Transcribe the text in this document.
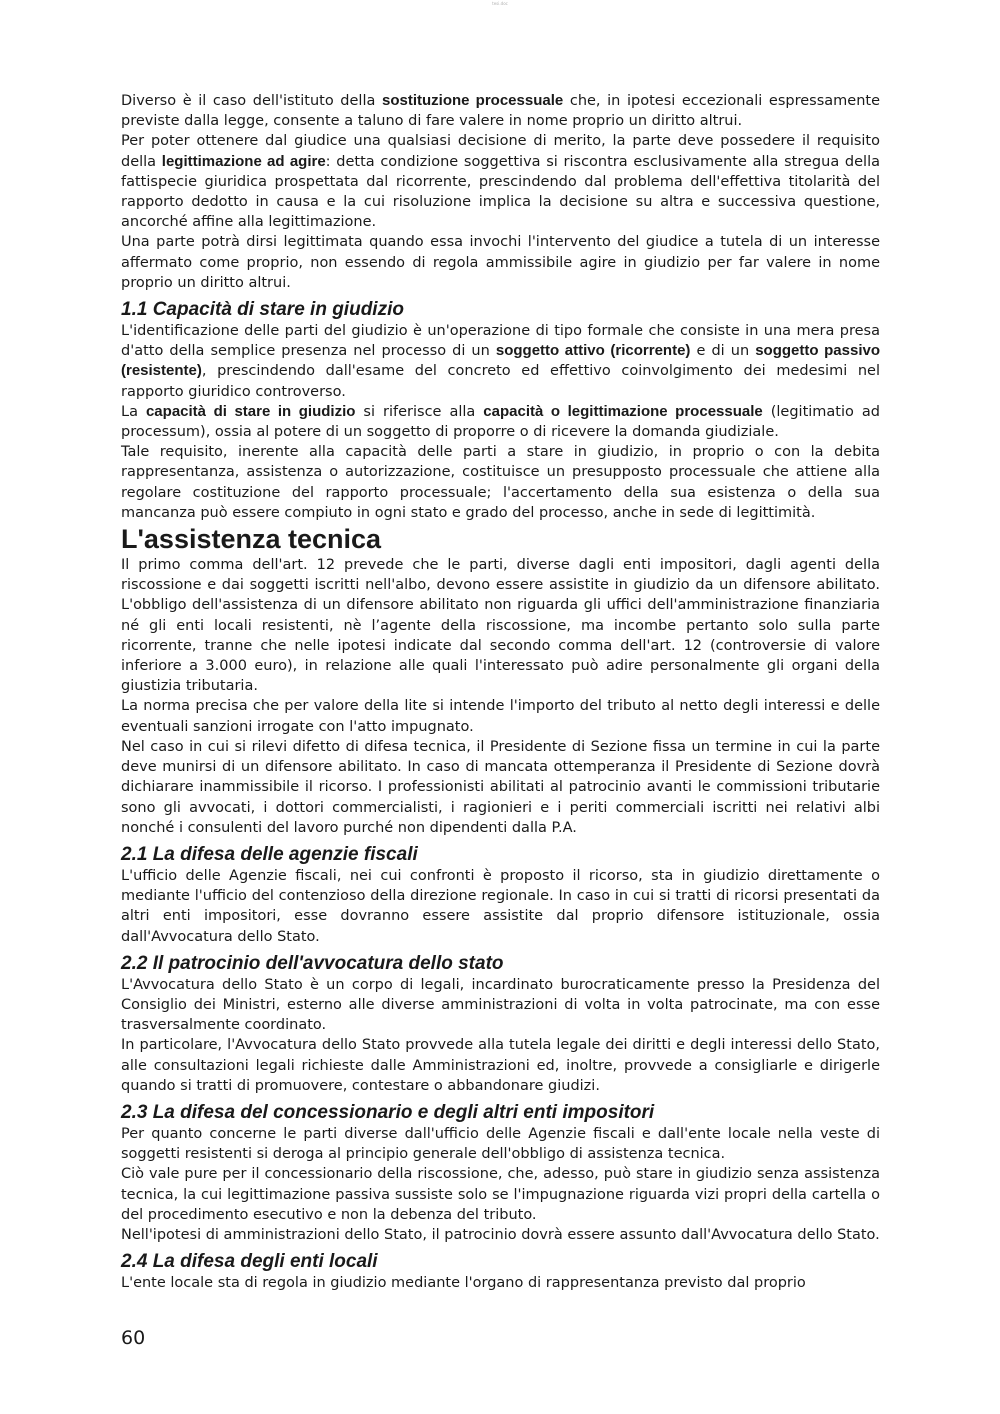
tesi.doc

Diverso è il caso dell'istituto della sostituzione processuale che, in ipotesi eccezionali espressamente previste dalla legge, consente a taluno di fare valere in nome proprio un diritto altrui.

Per poter ottenere dal giudice una qualsiasi decisione di merito, la parte deve possedere il requisito della legittimazione ad agire: detta condizione soggettiva si riscontra esclusivamente alla stregua della fattispecie giuridica prospettata dal ricorrente, prescindendo dal problema dell'effettiva titolarità del rapporto dedotto in causa e la cui risoluzione implica la decisione su altra e successiva questione, ancorché affine alla legittimazione.

Una parte potrà dirsi legittimata quando essa invochi l'intervento del giudice a tutela di un interesse affermato come proprio, non essendo di regola ammissibile agire in giudizio per far valere in nome proprio un diritto altrui.

1.1 Capacità di stare in giudizio

L'identificazione delle parti del giudizio è un'operazione di tipo formale che consiste in una mera presa d'atto della semplice presenza nel processo di un soggetto attivo (ricorrente) e di un soggetto passivo (resistente), prescindendo dall'esame del concreto ed effettivo coinvolgimento dei medesimi nel rapporto giuridico controverso.

La capacità di stare in giudizio si riferisce alla capacità o legittimazione processuale (legitimatio ad processum), ossia al potere di un soggetto di proporre o di ricevere la domanda giudiziale.

Tale requisito, inerente alla capacità delle parti a stare in giudizio, in proprio o con la debita rappresentanza, assistenza o autorizzazione, costituisce un presupposto processuale che attiene alla regolare costituzione del rapporto processuale; l'accertamento della sua esistenza o della sua mancanza può essere compiuto in ogni stato e grado del processo, anche in sede di legittimità.

L'assistenza tecnica

Il primo comma dell'art. 12 prevede che le parti, diverse dagli enti impositori, dagli agenti della riscossione e dai soggetti iscritti nell'albo, devono essere assistite in giudizio da un difensore abilitato. L'obbligo dell'assistenza di un difensore abilitato non riguarda gli uffici dell'amministrazione finanziaria né gli enti locali resistenti, nè l’agente della riscossione, ma incombe pertanto solo sulla parte ricorrente, tranne che nelle ipotesi indicate dal secondo comma dell'art. 12 (controversie di valore inferiore a 3.000 euro), in relazione alle quali l'interessato può adire personalmente gli organi della giustizia tributaria.

La norma precisa che per valore della lite si intende l'importo del tributo al netto degli interessi e delle eventuali sanzioni irrogate con l'atto impugnato.

Nel caso in cui si rilevi difetto di difesa tecnica, il Presidente di Sezione fissa un termine in cui la parte deve munirsi di un difensore abilitato. In caso di mancata ottemperanza il Presidente di Sezione dovrà dichiarare inammissibile il ricorso. I professionisti abilitati al patrocinio avanti le commissioni tributarie sono gli avvocati, i dottori commercialisti, i ragionieri e i periti commerciali iscritti nei relativi albi nonché i consulenti del lavoro purché non dipendenti dalla P.A.

2.1 La difesa delle agenzie fiscali

L'ufficio delle Agenzie fiscali, nei cui confronti è proposto il ricorso, sta in giudizio direttamente o mediante l'ufficio del contenzioso della direzione regionale. In caso in cui si tratti di ricorsi presentati da altri enti impositori, esse dovranno essere assistite dal proprio difensore istituzionale, ossia dall'Avvocatura dello Stato.

2.2 Il patrocinio dell'avvocatura dello stato

L'Avvocatura dello Stato è un corpo di legali, incardinato burocraticamente presso la Presidenza del Consiglio dei Ministri, esterno alle diverse amministrazioni di volta in volta patrocinate, ma con esse trasversalmente coordinato.

In particolare, l'Avvocatura dello Stato provvede alla tutela legale dei diritti e degli interessi dello Stato, alle consultazioni legali richieste dalle Amministrazioni ed, inoltre, provvede a consigliarle e dirigerle quando si tratti di promuovere, contestare o abbandonare giudizi.

2.3 La difesa del concessionario e degli altri enti impositori

Per quanto concerne le parti diverse dall'ufficio delle Agenzie fiscali e dall'ente locale nella veste di soggetti resistenti si deroga al principio generale dell'obbligo di assistenza tecnica.

Ciò vale pure per il concessionario della riscossione, che, adesso, può stare in giudizio senza assistenza tecnica, la cui legittimazione passiva sussiste solo se l'impugnazione riguarda vizi propri della cartella o del procedimento esecutivo e non la debenza del tributo.

Nell'ipotesi di amministrazioni dello Stato, il patrocinio dovrà essere assunto dall'Avvocatura dello Stato.

2.4 La difesa degli enti locali

L'ente locale sta di regola in giudizio mediante l'organo di rappresentanza previsto dal proprio

60
